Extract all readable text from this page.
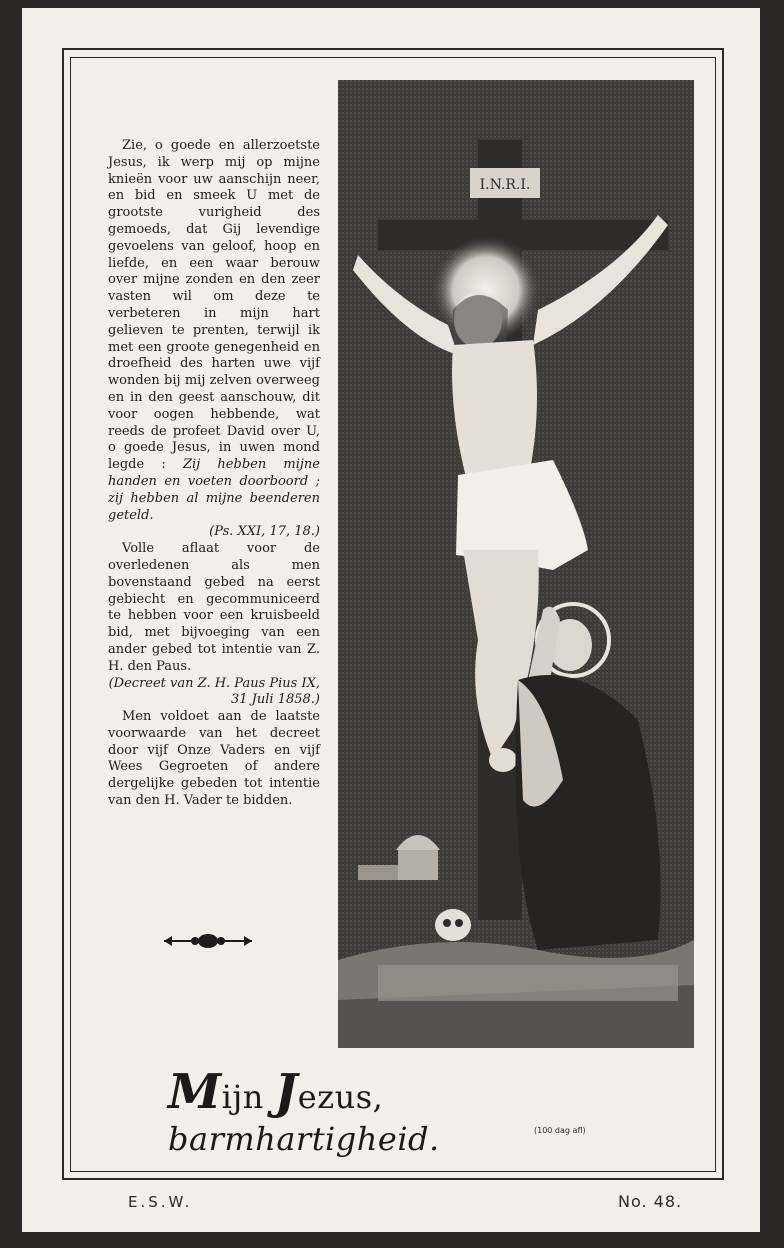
Zie, o goede en allerzoetste Jesus, ik werp mij op mijne knieën voor uw aanschijn neer, en bid en smeek U met de grootste vurigheid des gemoeds, dat Gij levendige gevoelens van geloof, hoop en liefde, en een waar berouw over mijne zonden en den zeer vasten wil om deze te verbeteren in mijn hart gelieven te prenten, terwijl ik met een groote genegenheid en droefheid des harten uwe vijf wonden bij mij zelven overweeg en in den geest aanschouw, dit voor oogen hebbende, wat reeds de profeet David over U, o goede Jesus, in uwen mond legde : Zij hebben mijne handen en voeten doorboord ; zij hebben al mijne beenderen geteld.

(Ps. XXI, 17, 18.)

Volle aflaat voor de overledenen als men bovenstaand gebed na eerst gebiecht en gecommuniceerd te hebben voor een kruisbeeld bid, met bijvoeging van een ander gebed tot intentie van Z. H. den Paus.

(Decreet van Z. H. Paus Pius IX, 31 Juli 1858.)

Men voldoet aan de laatste voorwaarde van het decreet door vijf Onze Vaders en vijf Wees Gegroeten of andere dergelijke gebeden tot intentie van den H. Vader te bidden.

I.N.R.I.
Mijn Jezus, barmhartigheid.	(100 dag afl)
E.S.W.	No. 48.
